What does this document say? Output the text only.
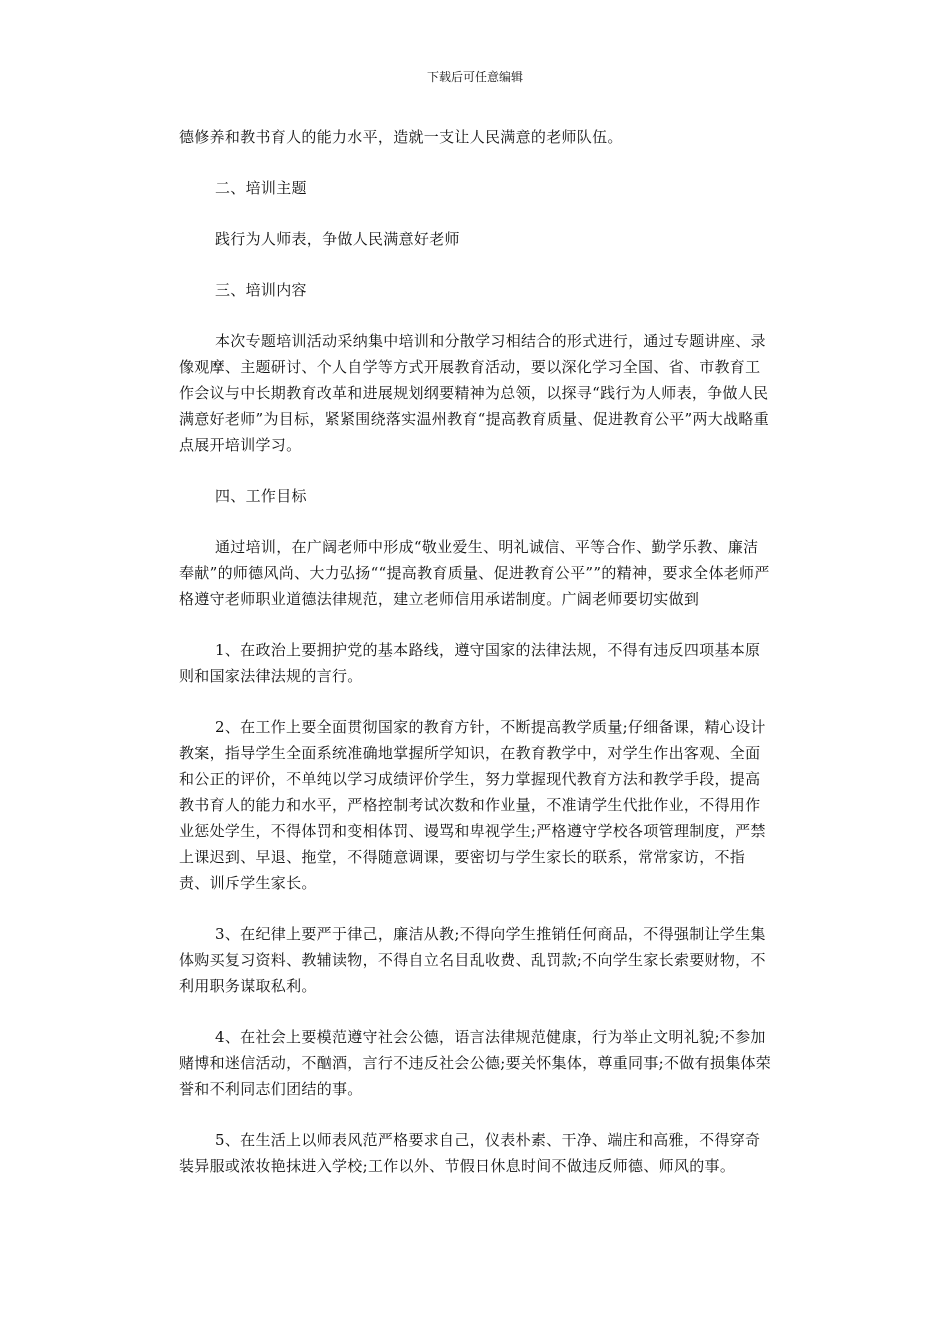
下载后可任意编辑

德修养和教书育人的能力水平，造就一支让人民满意的老师队伍。

二、培训主题

践行为人师表，争做人民满意好老师

三、培训内容

本次专题培训活动采纳集中培训和分散学习相结合的形式进行，通过专题讲座、录像观摩、主题研讨、个人自学等方式开展教育活动，要以深化学习全国、省、市教育工作会议与中长期教育改革和进展规划纲要精神为总领，以探寻“践行为人师表，争做人民满意好老师”为目标，紧紧围绕落实温州教育“提高教育质量、促进教育公平”两大战略重点展开培训学习。

四、工作目标

通过培训，在广阔老师中形成“敬业爱生、明礼诚信、平等合作、勤学乐教、廉洁奉献”的师德风尚、大力弘扬““提高教育质量、促进教育公平””的精神，要求全体老师严格遵守老师职业道德法律规范，建立老师信用承诺制度。广阔老师要切实做到

1、在政治上要拥护党的基本路线，遵守国家的法律法规，不得有违反四项基本原则和国家法律法规的言行。

2、在工作上要全面贯彻国家的教育方针，不断提高教学质量;仔细备课，精心设计教案，指导学生全面系统准确地掌握所学知识，在教育教学中，对学生作出客观、全面和公正的评价，不单纯以学习成绩评价学生，努力掌握现代教育方法和教学手段，提高教书育人的能力和水平，严格控制考试次数和作业量，不准请学生代批作业，不得用作业惩处学生，不得体罚和变相体罚、谩骂和卑视学生;严格遵守学校各项管理制度，严禁上课迟到、早退、拖堂，不得随意调课，要密切与学生家长的联系，常常家访，不指责、训斥学生家长。

3、在纪律上要严于律己，廉洁从教;不得向学生推销任何商品，不得强制让学生集体购买复习资料、教辅读物，不得自立名目乱收费、乱罚款;不向学生家长索要财物，不利用职务谋取私利。

4、在社会上要模范遵守社会公德，语言法律规范健康，行为举止文明礼貌;不参加赌博和迷信活动，不酗酒，言行不违反社会公德;要关怀集体，尊重同事;不做有损集体荣誉和不利同志们团结的事。

5、在生活上以师表风范严格要求自己，仪表朴素、干净、端庄和高雅，不得穿奇装异服或浓妆艳抹进入学校;工作以外、节假日休息时间不做违反师德、师风的事。
